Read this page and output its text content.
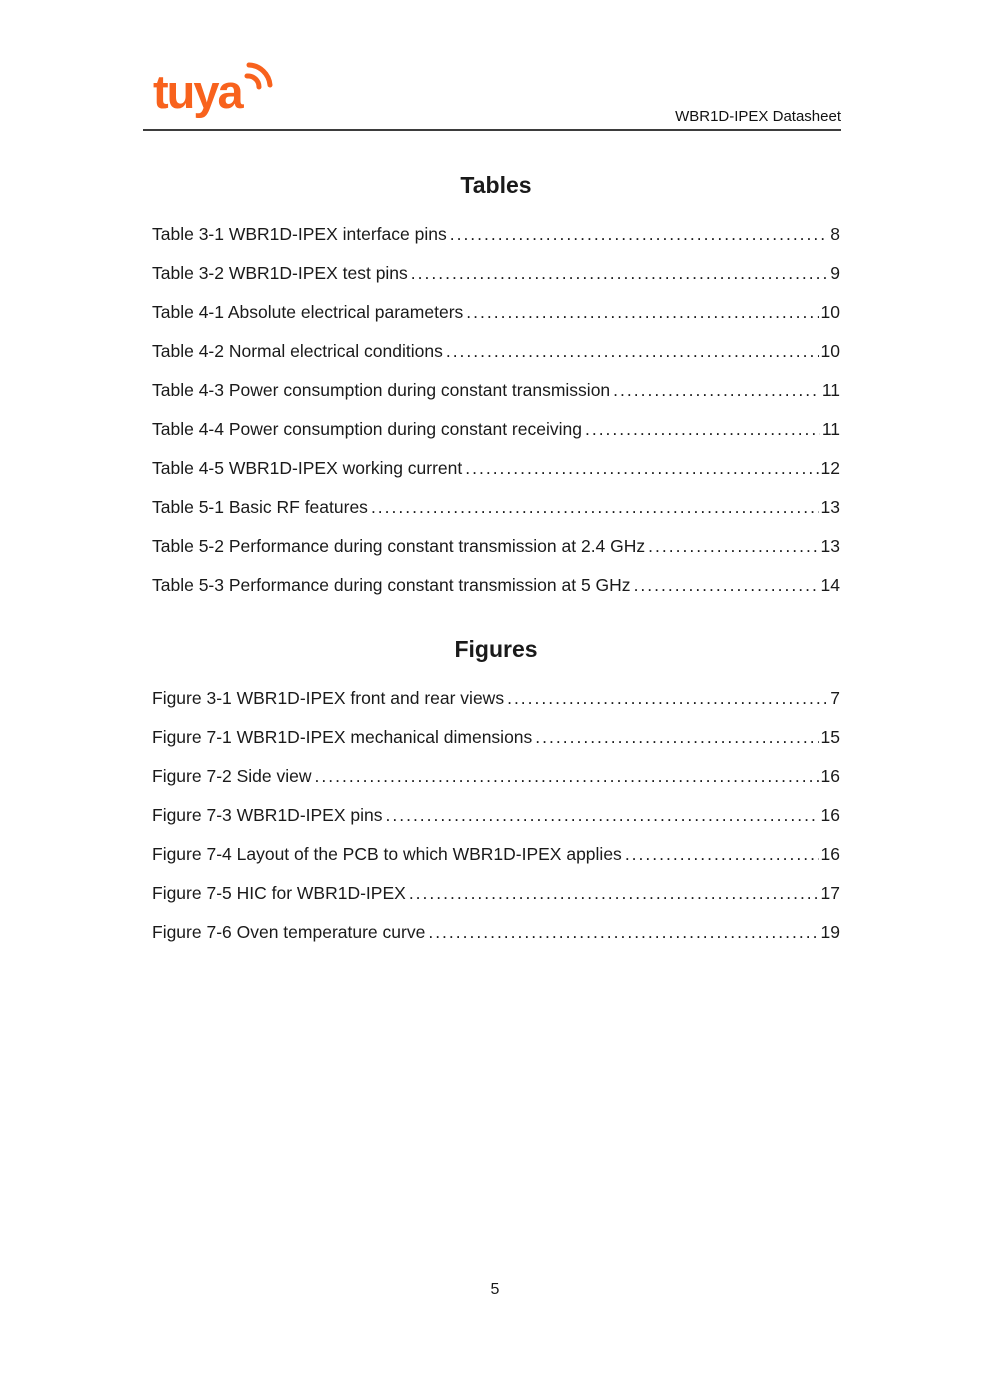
tuya	WBR1D-IPEX Datasheet
Tables
Table 3-1 WBR1D-IPEX interface pins .....	8
Table 3-2 WBR1D-IPEX test pins .....	9
Table 4-1 Absolute electrical parameters .....	10
Table 4-2 Normal electrical conditions .....	10
Table 4-3 Power consumption during constant transmission .....	11
Table 4-4 Power consumption during constant receiving .....	11
Table 4-5 WBR1D-IPEX working current .....	12
Table 5-1 Basic RF features .....	13
Table 5-2 Performance during constant transmission at 2.4 GHz .....	13
Table 5-3 Performance during constant transmission at 5 GHz .....	14
Figures
Figure 3-1 WBR1D-IPEX front and rear views .....	7
Figure 7-1 WBR1D-IPEX mechanical dimensions .....	15
Figure 7-2 Side view .....	16
Figure 7-3 WBR1D-IPEX pins .....	16
Figure 7-4 Layout of the PCB to which WBR1D-IPEX applies .....	16
Figure 7-5 HIC for WBR1D-IPEX .....	17
Figure 7-6 Oven temperature curve .....	19
5
